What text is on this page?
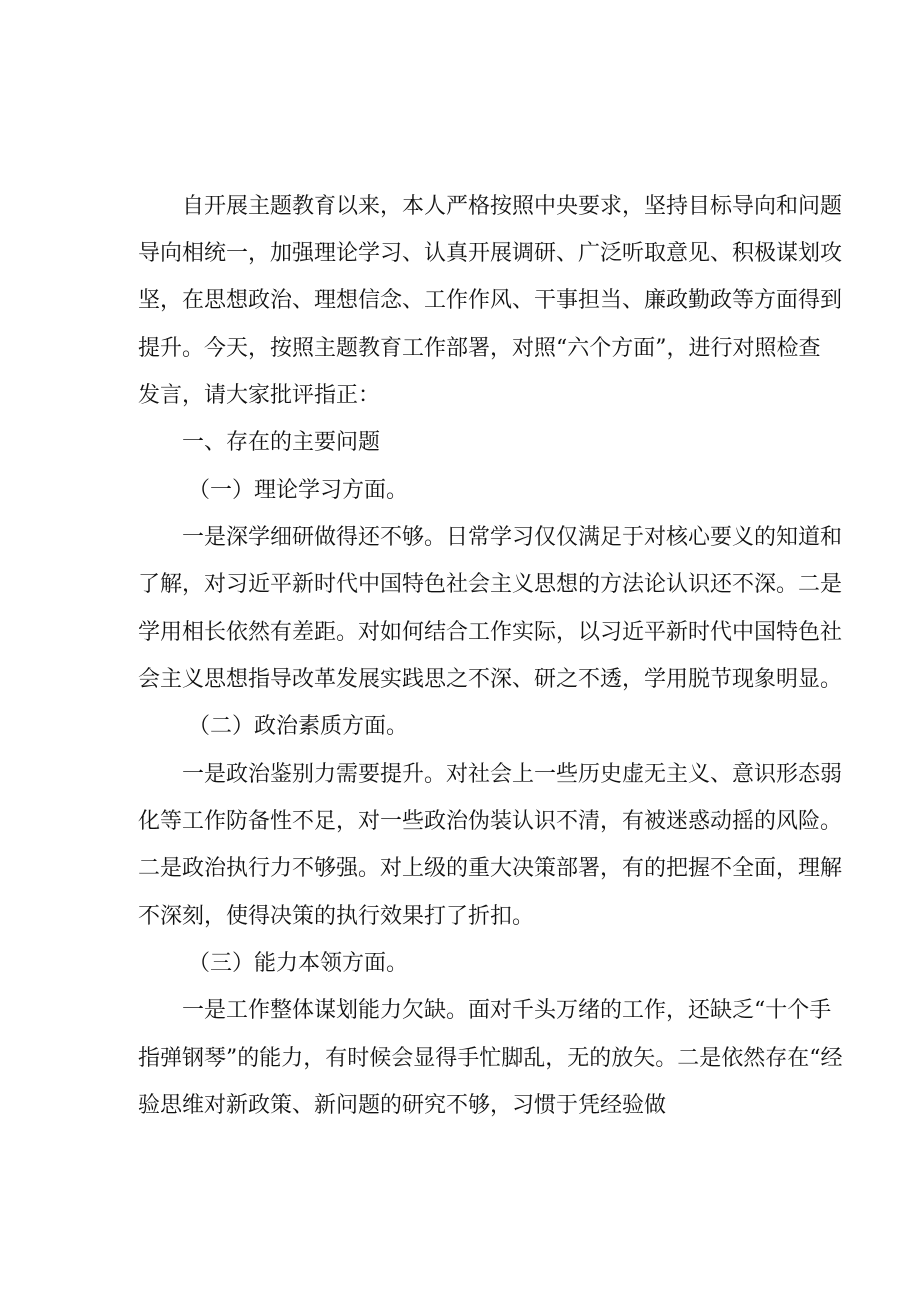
自开展主题教育以来，本人严格按照中央要求，坚持目标导向和问题
导向相统一，加强理论学习、认真开展调研、广泛听取意见、积极谋划攻
坚，在思想政治、理想信念、工作作风、干事担当、廉政勤政等方面得到
提升。今天，按照主题教育工作部署，对照“六个方面”，进行对照检查
发言，请大家批评指正：
一、存在的主要问题
（一）理论学习方面。
一是深学细研做得还不够。日常学习仅仅满足于对核心要义的知道和
了解，对习近平新时代中国特色社会主义思想的方法论认识还不深。二是
学用相长依然有差距。对如何结合工作实际，以习近平新时代中国特色社
会主义思想指导改革发展实践思之不深、研之不透，学用脱节现象明显。
（二）政治素质方面。
一是政治鉴别力需要提升。对社会上一些历史虚无主义、意识形态弱
化等工作防备性不足，对一些政治伪装认识不清，有被迷惑动摇的风险。
二是政治执行力不够强。对上级的重大决策部署，有的把握不全面，理解
不深刻，使得决策的执行效果打了折扣。
（三）能力本领方面。
一是工作整体谋划能力欠缺。面对千头万绪的工作，还缺乏“十个手
指弹钢琴”的能力，有时候会显得手忙脚乱，无的放矢。二是依然存在“经
验思维对新政策、新问题的研究不够，习惯于凭经验做
